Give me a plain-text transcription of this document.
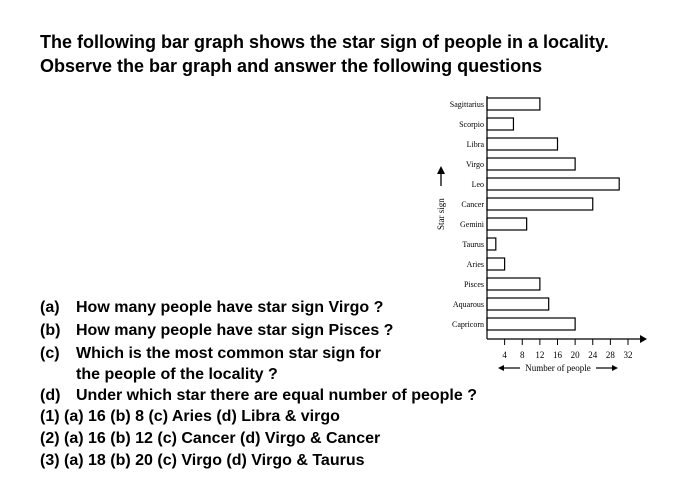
The following bar graph shows the star sign of people in a locality.
Observe the bar graph and answer the following questions
Sagittarius
Scorpio
Libra
Virgo
Leo
Cancer
Gemini
Taurus
Aries
Pisces
Aquarous
Capricorn
4 8 12 16 20 24 28 32
Number of people
Star sign
(a) How many people have star sign Virgo ?
(b) How many people have star sign Pisces ?
(c) Which is the most common star sign for
the people of the locality ?
(d) Under which star there are equal number of people ?
(1) (a) 16 (b) 8 (c) Aries (d) Libra & virgo
(2) (a) 16 (b) 12 (c) Cancer (d) Virgo & Cancer
(3) (a) 18 (b) 20 (c) Virgo (d) Virgo & Taurus
